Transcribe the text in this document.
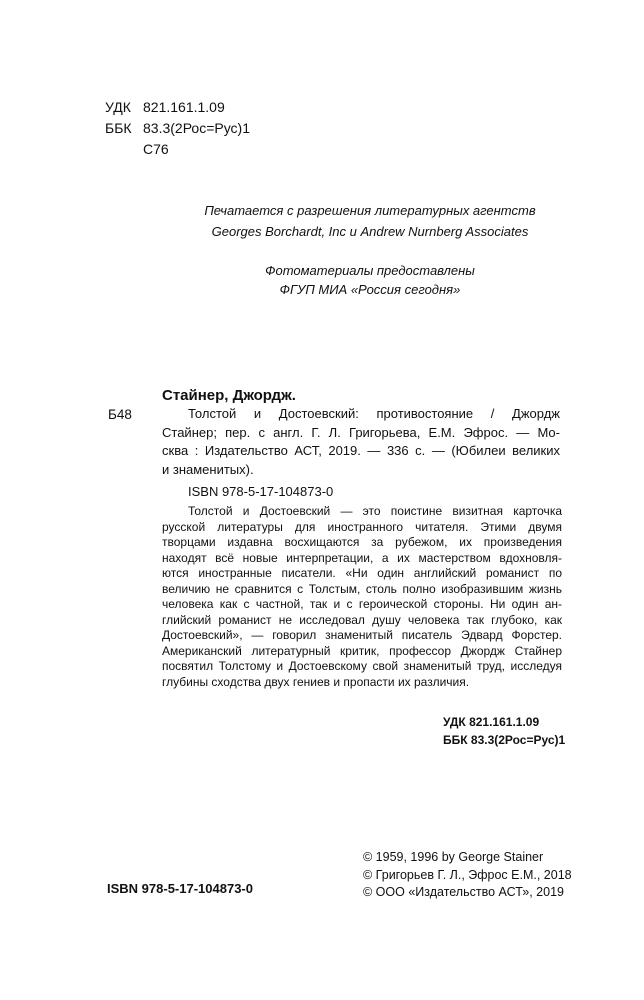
УДК 821.161.1.09
ББК 83.3(2Рос=Рус)1
С76
Печатается с разрешения литературных агентств
Georges Borchardt, Inc и Andrew Nurnberg Associates
Фотоматериалы предоставлены
ФГУП МИА «Россия сегодня»
Стайнер, Джордж.
Б48	Толстой и Достоевский: противостояние / Джордж
Стайнер; пер. с англ. Г. Л. Григорьева, Е.М. Эфрос. — Мо-
сква : Издательство АСТ, 2019. — 336 с. — (Юбилеи великих
и знаменитых).
ISBN 978-5-17-104873-0
Толстой и Достоевский — это поистине визитная карточка
русской литературы для иностранного читателя. Этими двумя
творцами издавна восхищаются за рубежом, их произведения
находят всё новые интерпретации, а их мастерством вдохновля-
ются иностранные писатели. «Ни один английский романист по
величию не сравнится с Толстым, столь полно изобразившим жизнь
человека как с частной, так и с героической стороны. Ни один ан-
глийский романист не исследовал душу человека так глубоко, как
Достоевский», — говорил знаменитый писатель Эдвард Форстер.
Американский литературный критик, профессор Джордж Стайнер
посвятил Толстому и Достоевскому свой знаменитый труд, исследуя
глубины сходства двух гениев и пропасти их различия.
УДК 821.161.1.09
ББК 83.3(2Рос=Рус)1
ISBN 978-5-17-104873-0
© 1959, 1996 by George Stainer
© Григорьев Г. Л., Эфрос Е.М., 2018
© ООО «Издательство АСТ», 2019
